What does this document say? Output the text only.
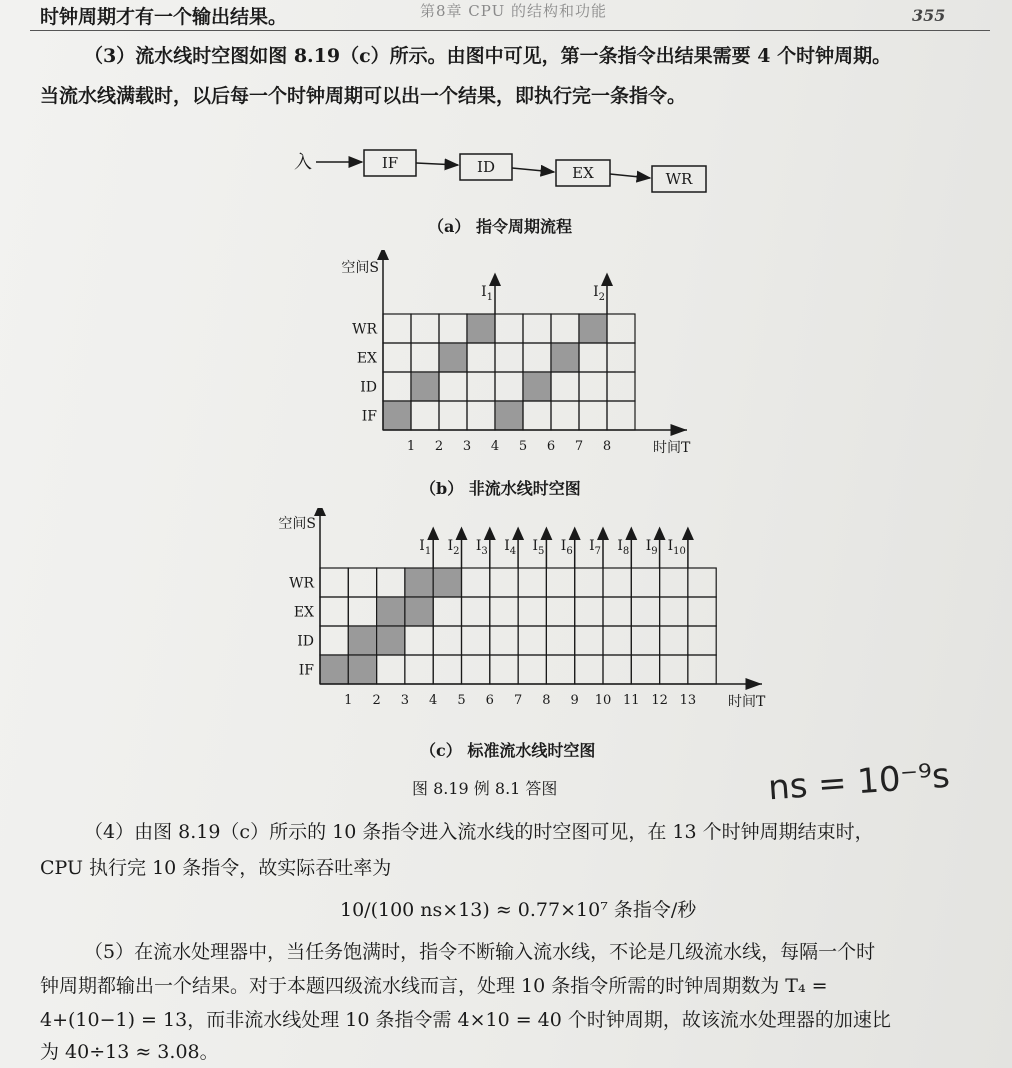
第8章 CPU 的结构和功能	355
时钟周期才有一个输出结果。
（3）流水线时空图如图 8.19（c）所示。由图中可见，第一条指令出结果需要 4 个时钟周期。
当流水线满载时，以后每一个时钟周期可以出一个结果，即执行完一条指令。
入	IF	ID	EX	WR
（a） 指令周期流程
WR
EX
ID
IF
空间S
时间T
1 2 3 4 5 6 7 8
$I_1$	$I_2$
（b） 非流水线时空图
WR
EX
ID
IF
空间S
时间T
1 2 3 4 5 6 7 8 9 10 11 12 13
$I_1$ $I_2$ $I_3$ $I_4$ $I_5$ $I_6$ $I_7$ $I_8$ $I_9$ $I_{10}$
（c） 标准流水线时空图
图 8.19 例 8.1 答图	ns = 10⁻⁹s
（4）由图 8.19（c）所示的 10 条指令进入流水线的时空图可见，在 13 个时钟周期结束时，
CPU 执行完 10 条指令，故实际吞吐率为
10/(100 ns×13) ≈ 0.77×10⁷ 条指令/秒
（5）在流水处理器中，当任务饱满时，指令不断输入流水线，不论是几级流水线，每隔一个时
钟周期都输出一个结果。对于本题四级流水线而言，处理 10 条指令所需的时钟周期数为 T₄ =
4+(10−1) = 13，而非流水线处理 10 条指令需 4×10 = 40 个时钟周期，故该流水处理器的加速比
为 40÷13 ≈ 3.08。
